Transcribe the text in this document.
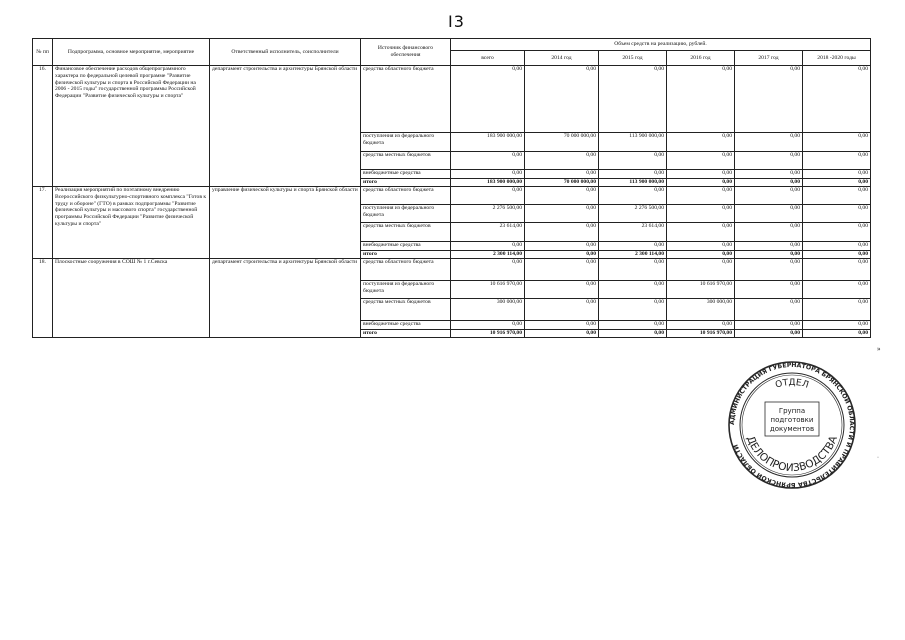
I3
№ пп	Подпрограмма, основное мероприятие, мероприятие	Ответственный исполнитель, соисполнители	Источник финансового обеспечения	Объем средств на реализацию, рублей.					
				всего	2014 год	2015 год	2016 год	2017 год	2018 -2020 годы
16.	Финансовое обеспечение расходов общепрограммного характера по федеральной целевой программе "Развитие физической культуры и спорта в Российской Федерации на 2006 - 2015 годы" государственной программы Российской Федерации "Развитие физической культуры и спорта"	департамент строительства и архитектуры Брянской области	средства областного бюджета	0,00	0,00	0,00	0,00	0,00	0,00
			поступления из федерального бюджета	183 900 000,00	70 000 000,00	113 900 000,00	0,00	0,00	0,00
			средства местных бюджетов	0,00	0,00	0,00	0,00	0,00	0,00
			внебюджетные средства	0,00	0,00	0,00	0,00	0,00	0,00
			итого	183 900 000,00	70 000 000,00	113 900 000,00	0,00	0,00	0,00
17.	Реализация мероприятий по поэтапному внедрению Всероссийского физкультурно-спортивного комплекса "Готов к труду и обороне" (ГТО) в рамках подпрограммы "Развитие физической культуры и массового спорта" государственной программы Российской Федерации "Развитие физической культуры и спорта"	управление физической культуры и спорта Брянской области	средства областного бюджета	0,00	0,00	0,00	0,00	0,00	0,00
			поступления из федерального бюджета	2 276 500,00	0,00	2 276 500,00	0,00	0,00	0,00
			средства местных бюджетов	23 614,00	0,00	23 614,00	0,00	0,00	0,00
			внебюджетные средства	0,00	0,00	0,00	0,00	0,00	0,00
			итого	2 300 114,00	0,00	2 300 114,00	0,00	0,00	0,00
18.	Плоскостные сооружения в СОШ № 1 г.Севска	департамент строительства и архитектуры Брянской области	средства областного бюджета	0,00	0,00	0,00	0,00	0,00	0,00
			поступления из федерального бюджета	10 616 970,00	0,00	0,00	10 616 970,00	0,00	0,00
			средства местных бюджетов	300 000,00	0,00	0,00	300 000,00	0,00	0,00
			внебюджетные средства	0,00	0,00	0,00	0,00	0,00	0,00
			итого	10 916 970,00	0,00	0,00	10 916 970,00	0,00	0,00
»
·
АДМИНИСТРАЦИЯ ГУБЕРНАТОРА БРЯНСКОЙ ОБЛАСТИ И ПРАВИТЕЛЬСТВА БРЯНСКОЙ ОБЛАСТИ
ОТДЕЛ
ДЕЛОПРОИЗВОДСТВА
Группа
подготовки
документов
